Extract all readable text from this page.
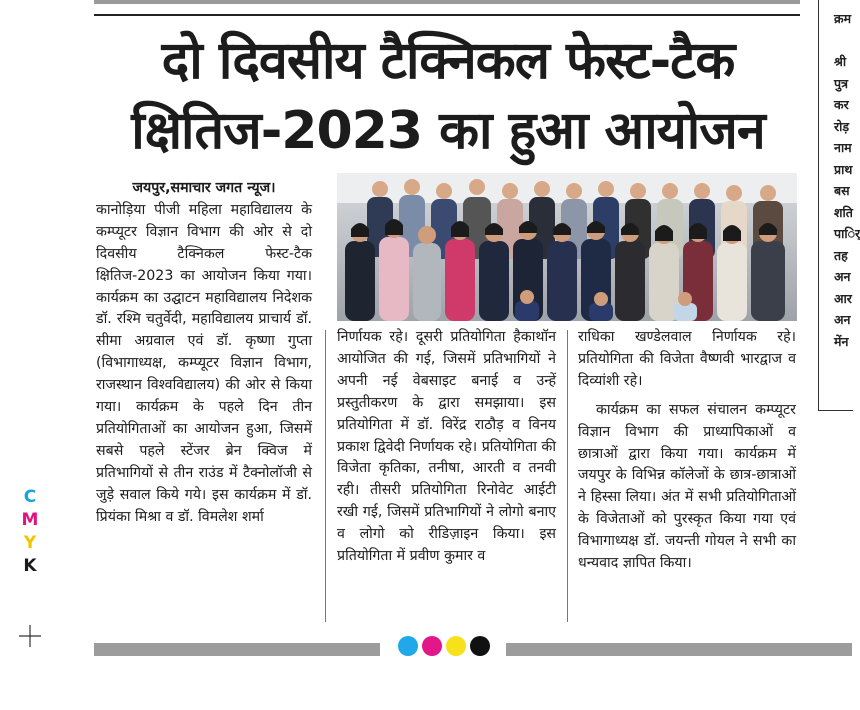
दो दिवसीय टैक्निकल फेस्ट-टैक
क्षितिज-2023 का हुआ आयोजन

जयपुर,समाचार जगत न्यूज।

कानोड़िया पीजी महिला महाविद्यालय के कम्प्यूटर विज्ञान विभाग की ओर से दो दिवसीय टैक्निकल फेस्ट-टैक क्षितिज-2023 का आयोजन किया गया। कार्यक्रम का उद्घाटन महाविद्यालय निदेशक डॉ. रश्मि चतुर्वेदी, महाविद्यालय प्राचार्य डॉ. सीमा अग्रवाल एवं डॉ. कृष्णा गुप्ता (विभागाध्यक्ष, कम्प्यूटर विज्ञान विभाग, राजस्थान विश्वविद्यालय) की ओर से किया गया। कार्यक्रम के पहले दिन तीन प्रतियोगिताओं का आयोजन हुआ, जिसमें सबसे पहले स्टेंजर ब्रेन क्विज में प्रतिभागियों से तीन राउंड में टैक्नोलॉजी से जुड़े सवाल किये गये। इस कार्यक्रम में डॉ. प्रियंका मिश्रा व डॉ. विमलेश शर्मा

निर्णायक रहे। दूसरी प्रतियोगिता हैकाथॉन आयोजित की गई, जिसमें प्रतिभागियों ने अपनी नई वेबसाइट बनाई व उन्हें प्रस्तुतीकरण के द्वारा समझाया। इस प्रतियोगिता में डॉ. विरेंद्र राठौड़ व विनय प्रकाश द्विवेदी निर्णायक रहे। प्रतियोगिता की विजेता कृतिका, तनीषा, आरती व तनवी रही। तीसरी प्रतियोगिता रिनोवेट आईटी रखी गई, जिसमें प्रतिभागियों ने लोगो बनाए व लोगो को रीडिज़ाइन किया। इस प्रतियोगिता में प्रवीण कुमार व

राधिका खण्डेलवाल निर्णायक रहे। प्रतियोगिता की विजेता वैष्णवी भारद्वाज व दिव्यांशी रहे।

कार्यक्रम का सफल संचालन कम्प्यूटर विज्ञान विभाग की प्राध्यापिकाओं व छात्राओं द्वारा किया गया। कार्यक्रम में जयपुर के विभिन्न कॉलेजों के छात्र-छात्राओं ने हिस्सा लिया। अंत में सभी प्रतियोगिताओं के विजेताओं को पुरस्कृत किया गया एवं विभागाध्यक्ष डॉ. जयन्ती गोयल ने सभी का धन्यवाद ज्ञापित किया।

क्रम

श्री
पुत्र
कर
रोड़
नाम
प्राथ
बस
शति
पार्ि
तह
अन
आर
अन
मेंन
C
M
Y
K
